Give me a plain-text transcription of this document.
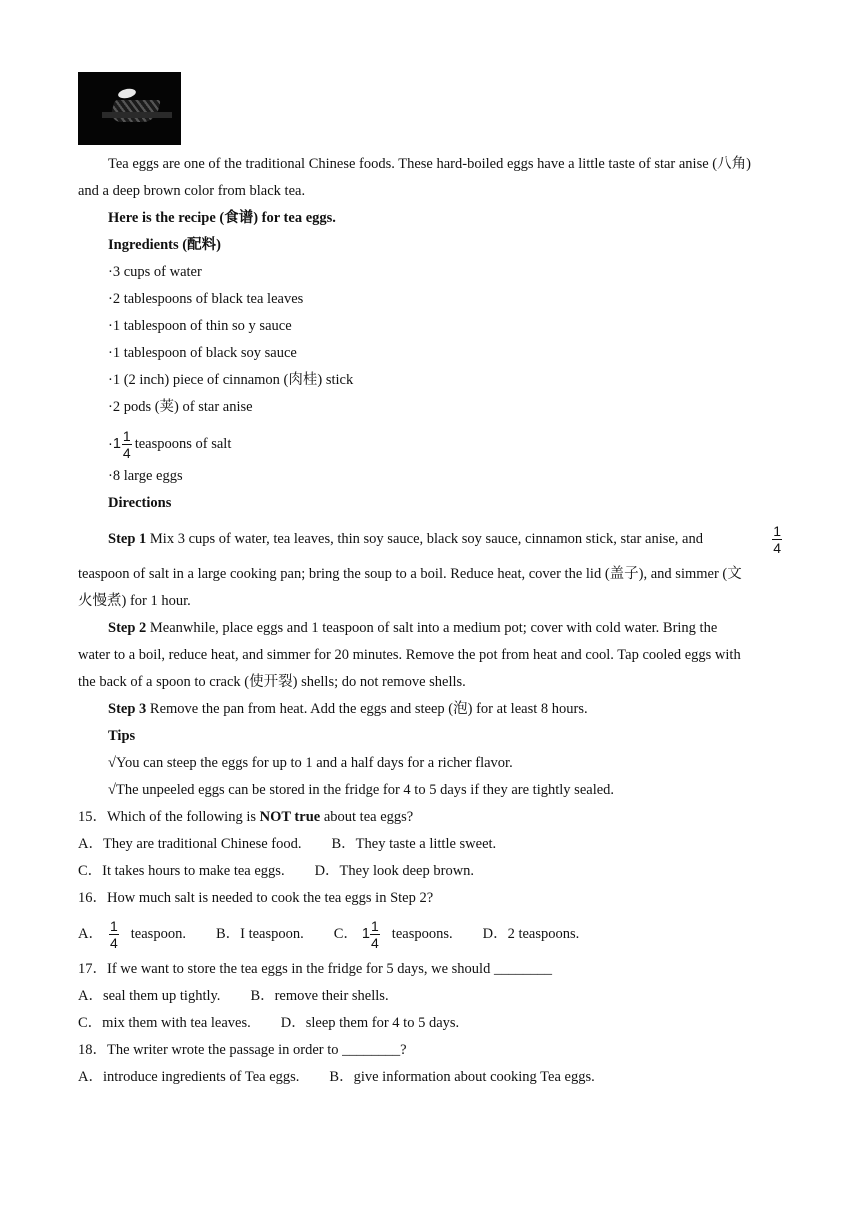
Tea eggs are one of the traditional Chinese foods. These hard-boiled eggs have a little taste of star anise (八角)
and a deep brown color from black tea.
Here is the recipe (食谱) for tea eggs.
Ingredients (配料)
·3 cups of water
·2 tablespoons of black tea leaves
·1 tablespoon of thin so y sauce
·1 tablespoon of black soy sauce
·1 (2 inch) piece of cinnamon (肉桂) stick
·2 pods (荚) of star anise
$\cdot 1 \frac{1}{4}$ teaspoons of salt
·8 large eggs
Directions
Step 1 Mix 3 cups of water, tea leaves, thin soy sauce, black soy sauce, cinnamon stick, star anise, and	$\frac{1}{4}$
teaspoon of salt in a large cooking pan; bring the soup to a boil. Reduce heat, cover the lid (盖子), and simmer (文
火慢煮) for 1 hour.
Step 2 Meanwhile, place eggs and 1 teaspoon of salt into a medium pot; cover with cold water. Bring the
water to a boil, reduce heat, and simmer for 20 minutes. Remove the pot from heat and cool. Tap cooled eggs with
the back of a spoon to crack (使开裂) shells; do not remove shells.
Step 3 Remove the pan from heat. Add the eggs and steep (泡) for at least 8 hours.
Tips
√You can steep the eggs for up to 1 and a half days for a richer flavor.
√The unpeeled eggs can be stored in the fridge for 4 to 5 days if they are tightly sealed.
15．Which of the following is NOT true about tea eggs?
A．They are traditional Chinese food. B．They taste a little sweet.
C．It takes hours to make tea eggs. D．They look deep brown.
16．How much salt is needed to cook the tea eggs in Step 2?
A． $\frac{1}{4}$ teaspoon. B．I teaspoon. C． $1 \frac{1}{4}$ teaspoons. D．2 teaspoons.
17．If we want to store the tea eggs in the fridge for 5 days, we should ________
A．seal them up tightly. B．remove their shells.
C．mix them with tea leaves. D．sleep them for 4 to 5 days.
18．The writer wrote the passage in order to ________?
A．introduce ingredients of Tea eggs. B．give information about cooking Tea eggs.
